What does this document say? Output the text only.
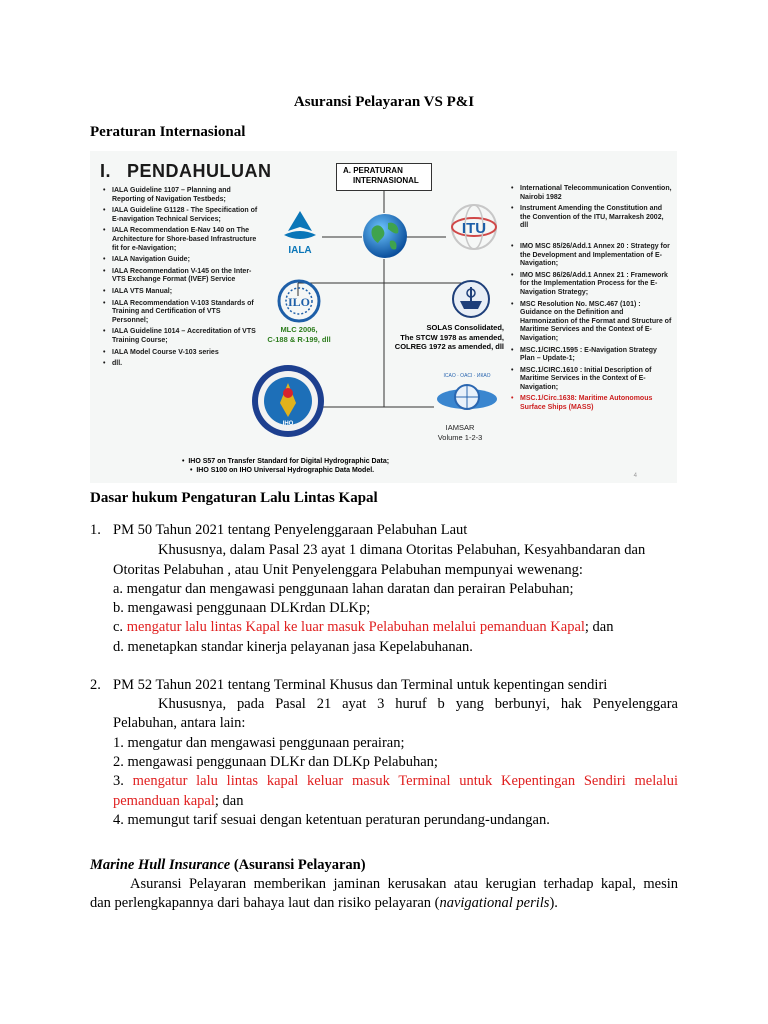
Asuransi Pelayaran VS P&I
Peraturan Internasional
I. PENDAHULUAN
• IALA Guideline 1107 – Planning and Reporting of Navigation Testbeds;
• IALA Guideline G1128 - The Specification of E-navigation Technical Services;
• IALA Recommendation E-Nav 140 on The Architecture for Shore-based Infrastructure fit for e-Navigation;
• IALA Navigation Guide;
• IALA Recommendation V-145 on the Inter-VTS Exchange Format (IVEF) Service
• IALA VTS Manual;
• IALA Recommendation V-103 Standards of Training and Certification of VTS Personnel;
• IALA Guideline 1014 – Accreditation of VTS Training Course;
• IALA Model Course V-103 series
• dll.
A. PERATURAN
INTERNASIONAL
IALA
ITU
ILO
MLC 2006,
C-188 & R-199, dll
SOLAS Consolidated,
The STCW 1978 as amended,
COLREG 1972 as amended, dll
IHO
ICAO · OACI · ИКАО
IAMSAR
Volume 1-2-3
• International Telecommunication Convention, Nairobi 1982
• Instrument Amending the Constitution and the Convention of the ITU, Marrakesh 2002, dll
• IMO MSC 85/26/Add.1 Annex 20 : Strategy for the Development and Implementation of E-Navigation;
• IMO MSC 86/26/Add.1 Annex 21 : Framework for the Implementation Process for the E-Navigation Strategy;
• MSC Resolution No. MSC.467 (101) : Guidance on the Definition and Harmonization of the Format and Structure of Maritime Services and the Context of E-Navigation;
• MSC.1/CIRC.1595 : E-Navigation Strategy Plan – Update-1;
• MSC.1/CIRC.1610 : Initial Description of Maritime Services in the Context of E-Navigation;
• MSC.1/Circ.1638: Maritime Autonomous Surface Ships (MASS)
•  IHO S57 on Transfer Standard for Digital Hydrographic Data;
•  IHO S100 on IHO Universal Hydrographic Data Model.
4
Dasar hukum Pengaturan Lalu Lintas Kapal
1. PM 50 Tahun 2021 tentang Penyelenggaraan Pelabuhan Laut
Khususnya, dalam Pasal 23 ayat 1 dimana Otoritas Pelabuhan, Kesyahbandaran dan
Otoritas Pelabuhan , atau Unit Penyelenggara Pelabuhan mempunyai wewenang:
a. mengatur dan mengawasi penggunaan lahan daratan dan perairan Pelabuhan;
b. mengawasi penggunaan DLKrdan DLKp;
c. mengatur lalu lintas Kapal ke luar masuk Pelabuhan melalui pemanduan Kapal; dan
d. menetapkan standar kinerja pelayanan jasa Kepelabuhanan.
2. PM 52 Tahun 2021 tentang Terminal Khusus dan Terminal untuk kepentingan sendiri
Khususnya, pada Pasal 21 ayat 3 huruf b yang berbunyi, hak Penyelenggara
Pelabuhan, antara lain:
1. mengatur dan mengawasi penggunaan perairan;
2. mengawasi penggunaan DLKr dan DLKp Pelabuhan;
3. mengatur lalu lintas kapal keluar masuk Terminal untuk Kepentingan Sendiri melalui
pemanduan kapal; dan
4. memungut tarif sesuai dengan ketentuan peraturan perundang-undangan.
Marine Hull Insurance (Asuransi Pelayaran)
Asuransi Pelayaran memberikan jaminan kerusakan atau kerugian terhadap kapal, mesin
dan perlengkapannya dari bahaya laut dan risiko pelayaran (navigational perils).
